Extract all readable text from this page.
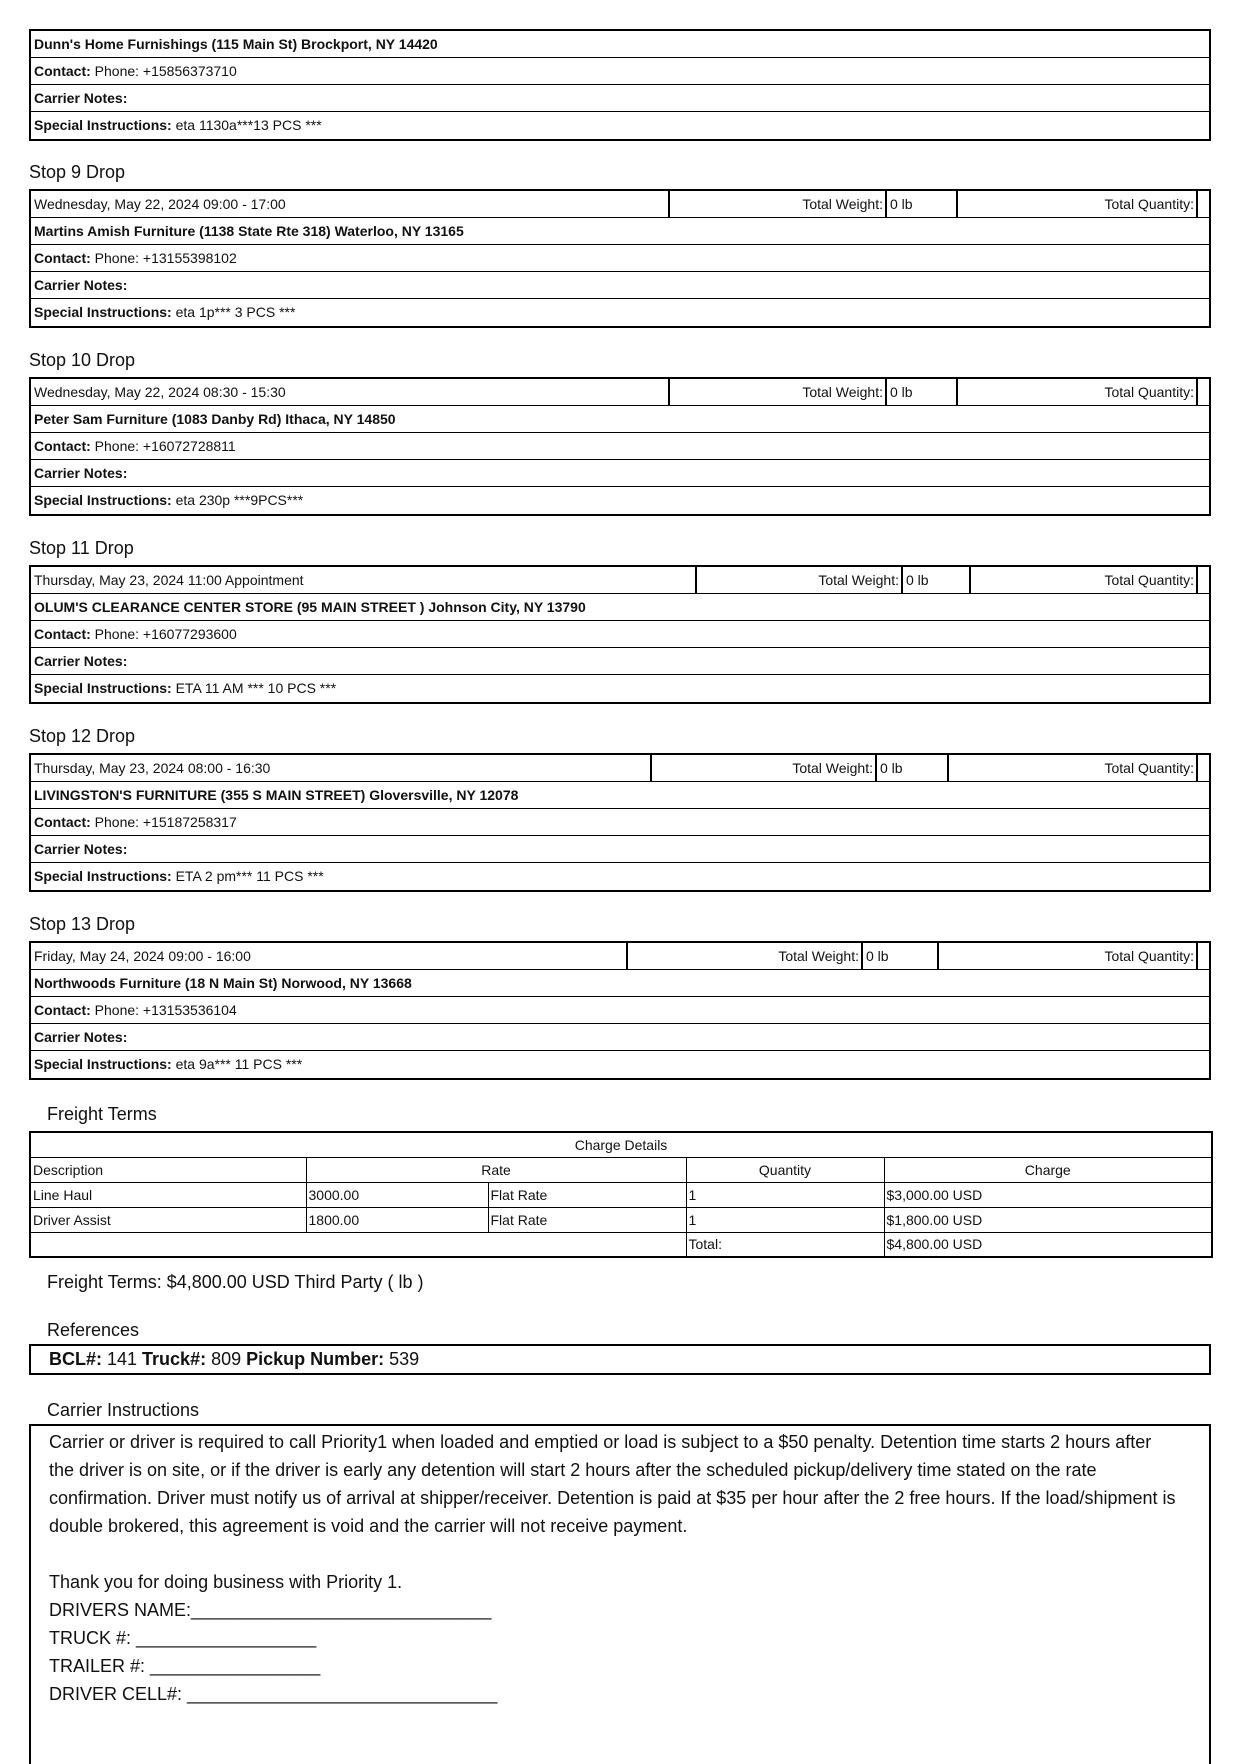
Dunn's Home Furnishings (115 Main St) Brockport, NY 14420
Contact: Phone: +15856373710
Carrier Notes:
Special Instructions: eta 1130a***13 PCS ***
Stop 9 Drop
Wednesday, May 22, 2024 09:00 - 17:00	Total Weight: 0 lb	Total Quantity:
Martins Amish Furniture (1138 State Rte 318) Waterloo, NY 13165
Contact: Phone: +13155398102
Carrier Notes:
Special Instructions: eta 1p*** 3 PCS ***
Stop 10 Drop
Wednesday, May 22, 2024 08:30 - 15:30	Total Weight: 0 lb	Total Quantity:
Peter Sam Furniture (1083 Danby Rd) Ithaca, NY 14850
Contact: Phone: +16072728811
Carrier Notes:
Special Instructions: eta 230p ***9PCS***
Stop 11 Drop
Thursday, May 23, 2024 11:00 Appointment	Total Weight: 0 lb	Total Quantity:
OLUM'S CLEARANCE CENTER STORE (95 MAIN STREET ) Johnson City, NY 13790
Contact: Phone: +16077293600
Carrier Notes:
Special Instructions: ETA 11 AM *** 10 PCS ***
Stop 12 Drop
Thursday, May 23, 2024 08:00 - 16:30	Total Weight: 0 lb	Total Quantity:
LIVINGSTON'S FURNITURE (355 S MAIN STREET) Gloversville, NY 12078
Contact: Phone: +15187258317
Carrier Notes:
Special Instructions: ETA 2 pm*** 11 PCS ***
Stop 13 Drop
Friday, May 24, 2024 09:00 - 16:00	Total Weight: 0 lb	Total Quantity:
Northwoods Furniture (18 N Main St) Norwood, NY 13668
Contact: Phone: +13153536104
Carrier Notes:
Special Instructions: eta 9a*** 11 PCS ***
Freight Terms
Charge Details				
Description	Rate		Quantity	Charge
Line Haul	3000.00	Flat Rate	1	$3,000.00 USD
Driver Assist	1800.00	Flat Rate	1	$1,800.00 USD
			Total:	$4,800.00 USD
Freight Terms: $4,800.00 USD Third Party ( lb )
References
BCL#: 141 Truck#: 809 Pickup Number: 539
Carrier Instructions

Carrier or driver is required to call Priority1 when loaded and emptied or load is subject to a $50 penalty. Detention time starts 2 hours after

the driver is on site, or if the driver is early any detention will start 2 hours after the scheduled pickup/delivery time stated on the rate confirmation. Driver must notify us of arrival at shipper/receiver. Detention is paid at $35 per hour after the 2 free hours. If the load/shipment is double brokered, this agreement is void and the carrier will not receive payment.

Thank you for doing business with Priority 1.

DRIVERS NAME:______________________________

TRUCK #: __________________

TRAILER #: _________________

DRIVER CELL#: _______________________________
